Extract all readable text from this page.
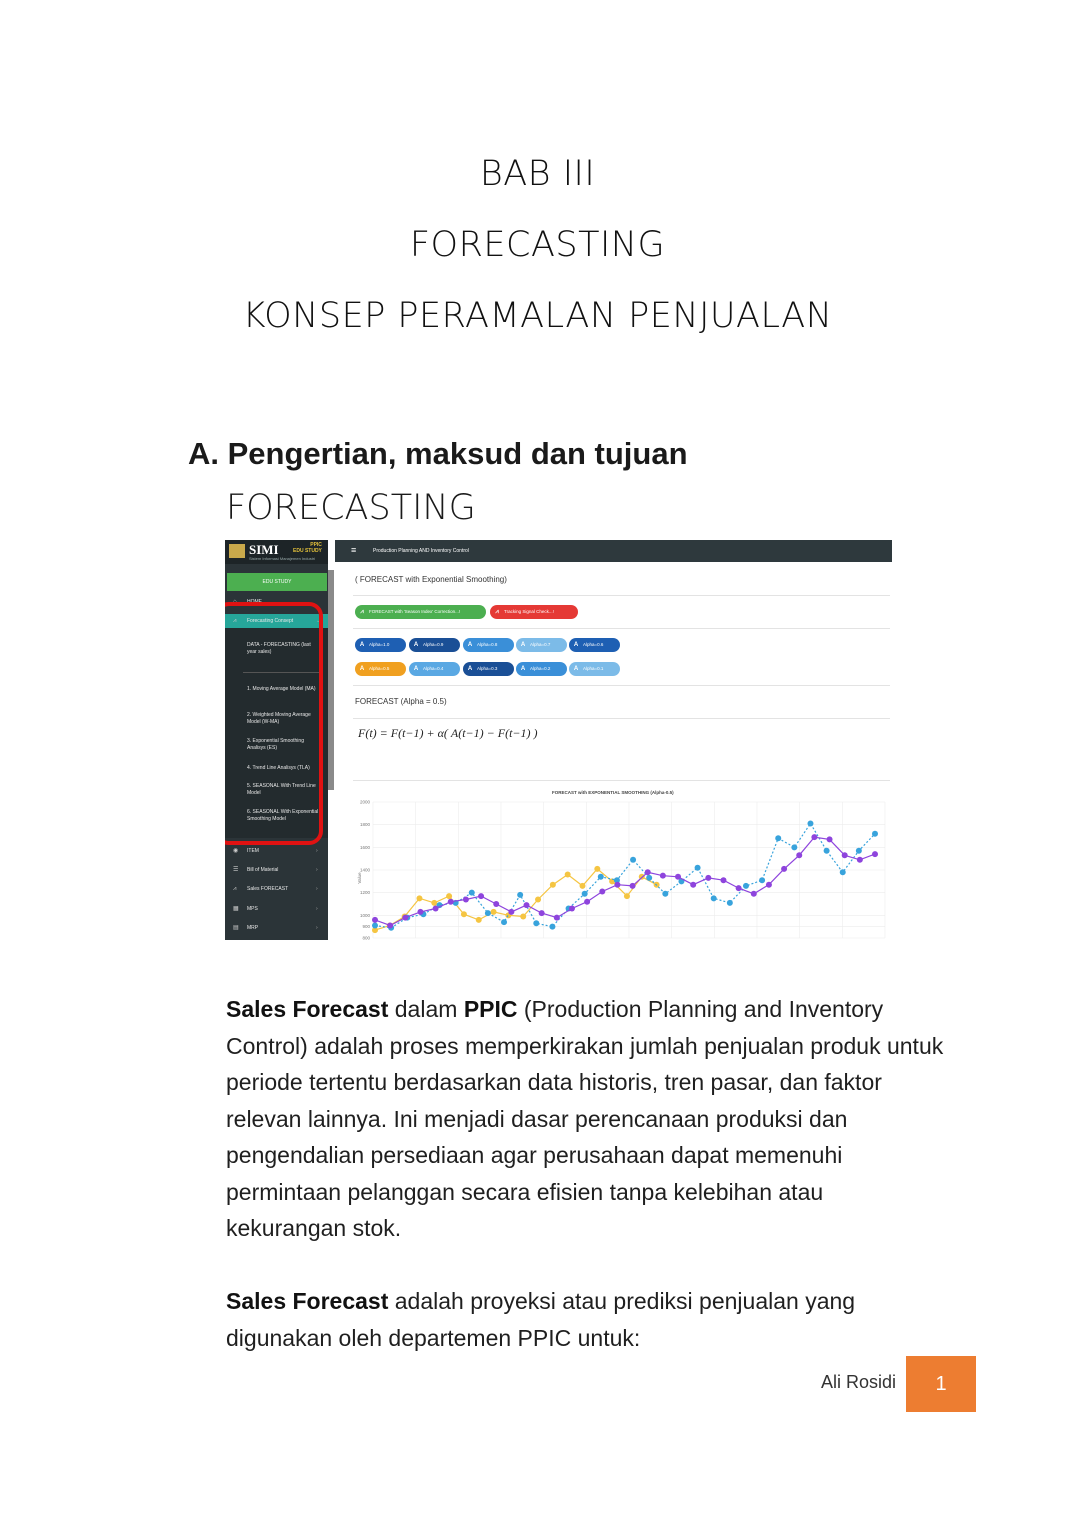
BAB III
FORECASTING
KONSEP PERAMALAN PENJUALAN
A. Pengertian, maksud dan tujuan
FORECASTING
SIMI	PPIC
EDU STUDY
Sistem Informasi Manajemen Industri
EDU STUDY
⌂ HOME
⩘ Forecasting Consept	⌄
DATA - FORECASTING (last year sales)
1. Moving Average Model (MA)
2. Weighted Moving Average Model (W-MA)
3. Exponential Smoothing Analisys (ES)
4. Trend Line Analisys (TLA)
5. SEASONAL With Trend Line Model
6. SEASONAL With Exponential Smoothing Model
◉ ITEM	›
☰ Bill of Material	›
⩘ Sales FORECAST	›
▦ MPS	›
▤ MRP	›
≡	Production Planning AND Inventory Control
( FORECAST with Exponential Smoothing)
⩘ FORECAST with 'Season Index' Correction...!	⩘ Tracking Signal Check...!
A Alpha=1.0	A Alpha=0.9	A Alpha=0.8	A Alpha=0.7	A Alpha=0.6
A Alpha=0.5	A Alpha=0.4	A Alpha=0.3	A Alpha=0.2	A Alpha=0.1
FORECAST (Alpha = 0.5)
F(t) = F(t−1) + α( A(t−1) − F(t−1) )
FORECAST with EXPONENTIAL SMOOTHING (Alpha-0.5)
800
900
1000
1200
1400
1600
1800
2000
Value
Sales Forecast dalam PPIC (Production Planning and Inventory Control) adalah proses memperkirakan jumlah penjualan produk untuk periode tertentu berdasarkan data historis, tren pasar, dan faktor relevan lainnya. Ini menjadi dasar perencanaan produksi dan pengendalian persediaan agar perusahaan dapat memenuhi permintaan pelanggan secara efisien tanpa kelebihan atau kekurangan stok.
Sales Forecast adalah proyeksi atau prediksi penjualan yang digunakan oleh departemen PPIC untuk:
Ali Rosidi	1
